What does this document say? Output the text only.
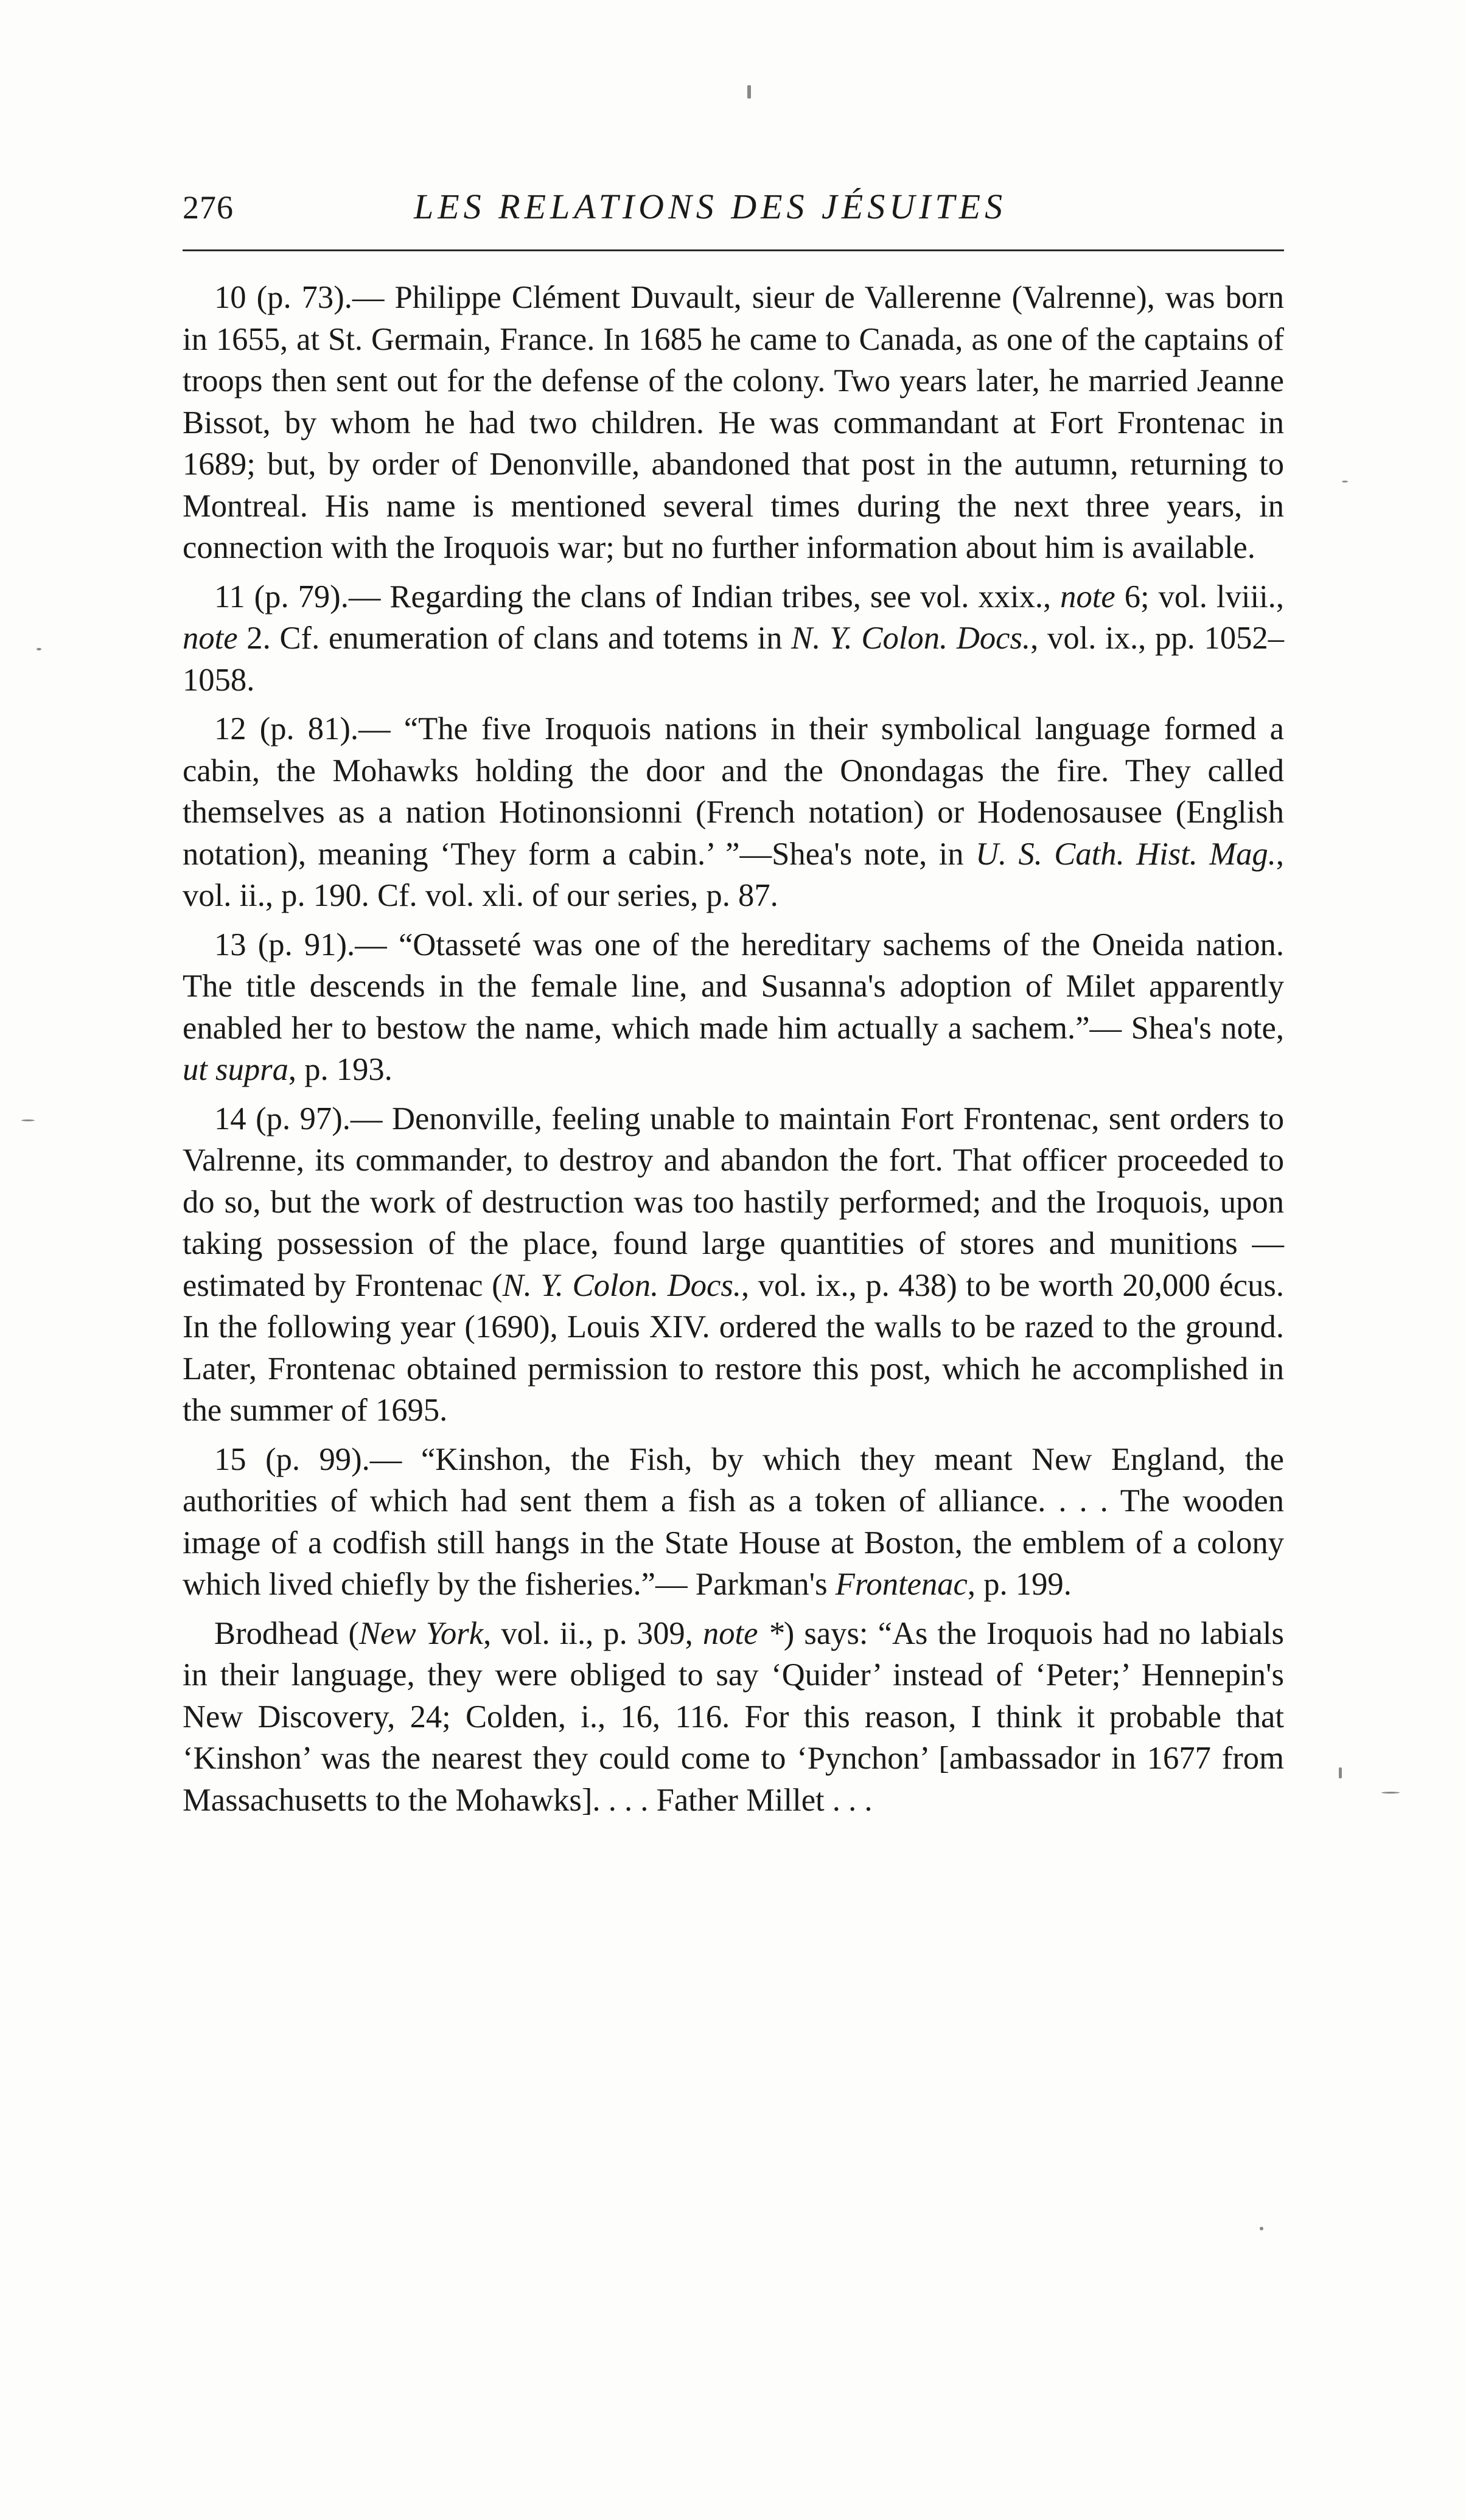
276	LES RELATIONS DES JÉSUITES

10 (p. 73).— Philippe Clément Duvault, sieur de Vallerenne (Valrenne), was born in 1655, at St. Germain, France. In 1685 he came to Canada, as one of the captains of troops then sent out for the defense of the colony. Two years later, he married Jeanne Bissot, by whom he had two children. He was commandant at Fort Frontenac in 1689; but, by order of Denonville, abandoned that post in the autumn, returning to Montreal. His name is mentioned several times during the next three years, in connection with the Iroquois war; but no further information about him is available.

11 (p. 79).— Regarding the clans of Indian tribes, see vol. xxix., note 6; vol. lviii., note 2. Cf. enumeration of clans and totems in N. Y. Colon. Docs., vol. ix., pp. 1052–1058.

12 (p. 81).— “The five Iroquois nations in their symbolical language formed a cabin, the Mohawks holding the door and the Onondagas the fire. They called themselves as a nation Hotinonsionni (French notation) or Hodenosausee (English notation), meaning ‘They form a cabin.’ ”—Shea's note, in U. S. Cath. Hist. Mag., vol. ii., p. 190. Cf. vol. xli. of our series, p. 87.

13 (p. 91).— “Otasseté was one of the hereditary sachems of the Oneida nation. The title descends in the female line, and Susanna's adoption of Milet apparently enabled her to bestow the name, which made him actually a sachem.”— Shea's note, ut supra, p. 193.

14 (p. 97).— Denonville, feeling unable to maintain Fort Frontenac, sent orders to Valrenne, its commander, to destroy and abandon the fort. That officer proceeded to do so, but the work of destruction was too hastily performed; and the Iroquois, upon taking possession of the place, found large quantities of stores and munitions — estimated by Frontenac (N. Y. Colon. Docs., vol. ix., p. 438) to be worth 20,000 écus. In the following year (1690), Louis XIV. ordered the walls to be razed to the ground. Later, Frontenac obtained permission to restore this post, which he accomplished in the summer of 1695.

15 (p. 99).— “Kinshon, the Fish, by which they meant New England, the authorities of which had sent them a fish as a token of alliance. . . . The wooden image of a codfish still hangs in the State House at Boston, the emblem of a colony which lived chiefly by the fisheries.”— Parkman's Frontenac, p. 199.

Brodhead (New York, vol. ii., p. 309, note *) says: “As the Iroquois had no labials in their language, they were obliged to say ‘Quider’ instead of ‘Peter;’ Hennepin's New Discovery, 24; Colden, i., 16, 116. For this reason, I think it probable that ‘Kinshon’ was the nearest they could come to ‘Pynchon’ [ambassador in 1677 from Massachusetts to the Mohawks]. . . . Father Millet . . .
